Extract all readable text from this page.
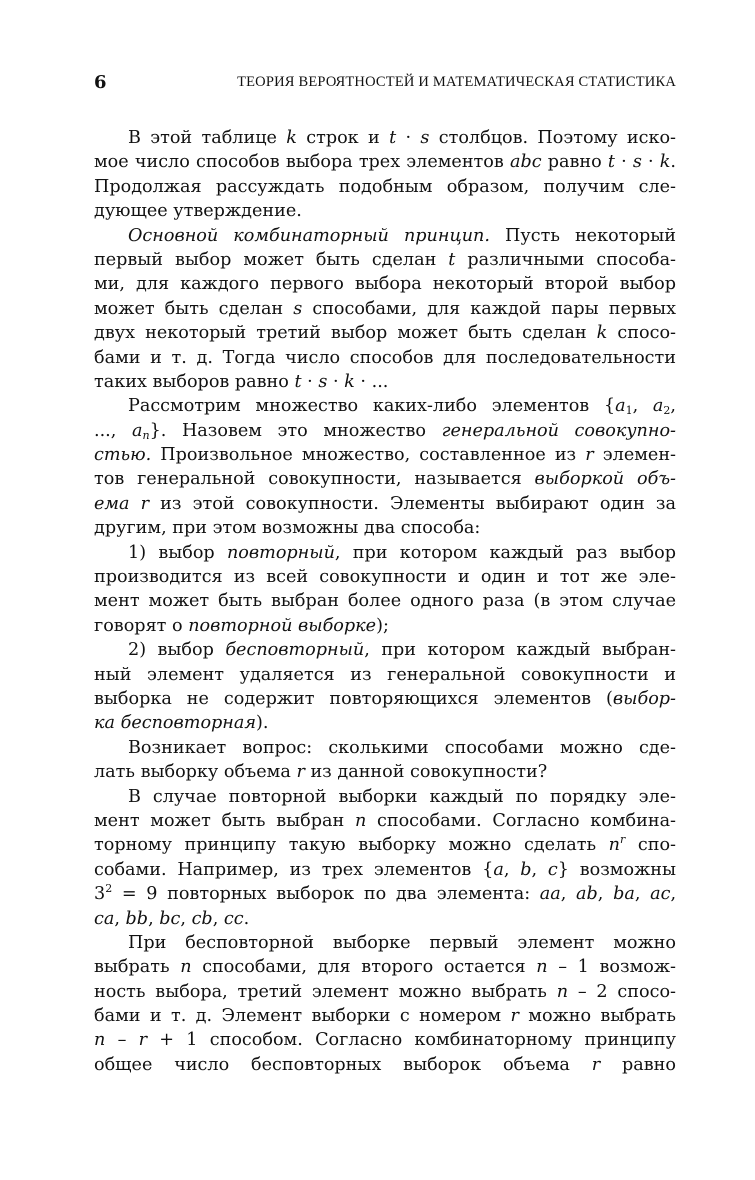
6	ТЕОРИЯ ВЕРОЯТНОСТЕЙ И МАТЕМАТИЧЕСКАЯ СТАТИСТИКА
В этой таблице k строк и t · s столбцов. Поэтому иско-
мое число способов выбора трех элементов abc равно t · s · k.
Продолжая рассуждать подобным образом, получим сле-
дующее утверждение.
Основной комбинаторный принцип. Пусть некоторый
первый выбор может быть сделан t различными способа-
ми, для каждого первого выбора некоторый второй выбор
может быть сделан s способами, для каждой пары первых
двух некоторый третий выбор может быть сделан k спосо-
бами и т. д. Тогда число способов для последовательности
таких выборов равно t · s · k · ...
Рассмотрим множество каких-либо элементов {$a_1$, $a_2$,
..., $a_n$}. Назовем это множество генеральной совокупно-
стью. Произвольное множество, составленное из r элемен-
тов генеральной совокупности, называется выборкой объ-
ема r из этой совокупности. Элементы выбирают один за
другим, при этом возможны два способа:
1) выбор повторный, при котором каждый раз выбор
производится из всей совокупности и один и тот же эле-
мент может быть выбран более одного раза (в этом случае
говорят о повторной выборке);
2) выбор бесповторный, при котором каждый выбран-
ный элемент удаляется из генеральной совокупности и
выборка не содержит повторяющихся элементов (выбор-
ка бесповторная).
Возникает вопрос: сколькими способами можно сде-
лать выборку объема r из данной совокупности?
В случае повторной выборки каждый по порядку эле-
мент может быть выбран n способами. Согласно комбина-
торному принципу такую выборку можно сделать $n^r$ спо-
собами. Например, из трех элементов {a, b, c} возможны
$3^2 = 9$ повторных выборок по два элемента: aa, ab, ba, ac,
ca, bb, bc, cb, cc.
При бесповторной выборке первый элемент можно
выбрать n способами, для второго остается n – 1 возмож-
ность выбора, третий элемент можно выбрать n – 2 спосо-
бами и т. д. Элемент выборки с номером r можно выбрать
n – r + 1 способом. Согласно комбинаторному принципу
общее число бесповторных выборок объема r равно
